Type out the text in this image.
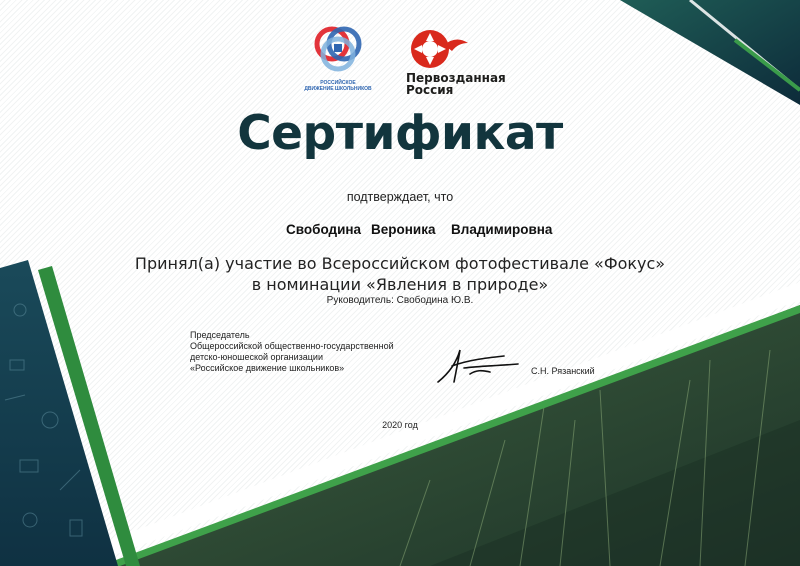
РОССИЙСКОЕ
ДВИЖЕНИЕ ШКОЛЬНИКОВ
Первозданная
Россия
Сертификат
подтверждает, что
Свободина Вероника Владимировна
Принял(а) участие во Всероссийском фотофестивале «Фокус»
в номинации «Явления в природе»
Руководитель: Свободина Ю.В.
Председатель
Общероссийской общественно-государственной
детско-юношеской организации
«Российское движение школьников»	С.Н. Рязанский
2020 год
